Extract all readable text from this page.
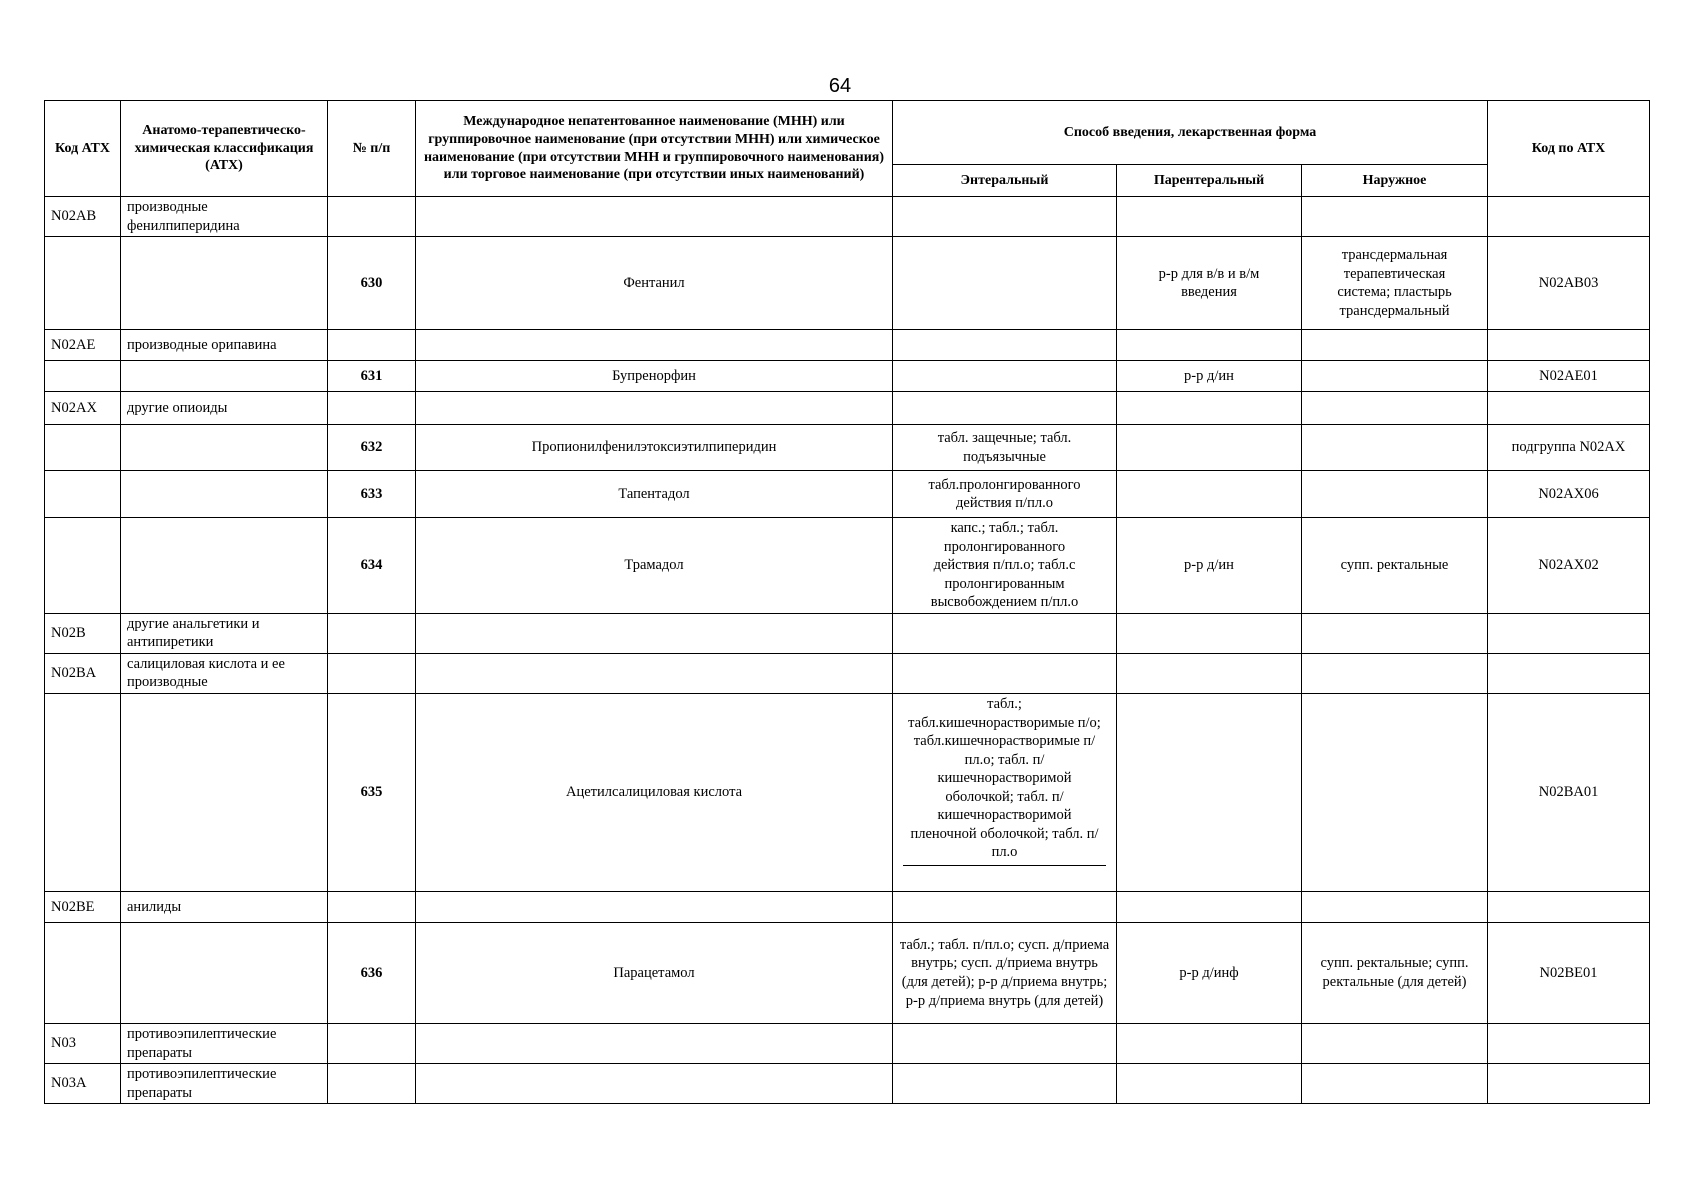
64
Код АТХ	Анатомо-терапевтическо-химическая классификация (АТХ)	№ п/п	Международное непатентованное наименование (МНН) или группировочное наименование (при отсутствии МНН) или химическое наименование (при отсутствии МНН и группировочного наименования) или торговое наименование (при отсутствии иных наименований)	Способ введения, лекарственная форма			Код по АТХ
				Энтеральный	Парентеральный	Наружное	
N02AB	производные фенилпиперидина						
		630	Фентанил		р-р для в/в и в/м введения	трансдермальная терапевтическая система; пластырь трансдермальный	N02AB03
N02AE	производные орипавина						
		631	Бупренорфин		р-р д/ин		N02AE01
N02AX	другие опиоиды						
		632	Пропионилфенилэтоксиэтилпиперидин	табл. защечные; табл. подъязычные			подгруппа N02AX
		633	Тапентадол	табл.пролонгированного действия п/пл.о			N02AX06
		634	Трамадол	капс.; табл.; табл. пролонгированного действия п/пл.о; табл.с пролонгированным высвобождением п/пл.о	р-р д/ин	супп. ректальные	N02AX02
N02B	другие анальгетики и антипиретики						
N02BA	салициловая кислота и ее производные						
		635	Ацетилсалициловая кислота	табл.; табл.кишечнорастворимые п/о; табл.кишечнорастворимые п/пл.о; табл. п/кишечнорастворимой оболочкой; табл. п/кишечнорастворимой пленочной оболочкой; табл. п/пл.о			N02BA01
N02BE	анилиды						
		636	Парацетамол	табл.; табл. п/пл.о; сусп. д/приема внутрь; сусп. д/приема внутрь (для детей); р-р д/приема внутрь; р-р д/приема внутрь (для детей)	р-р д/инф	супп. ректальные; супп. ректальные (для детей)	N02BE01
N03	противоэпилептические препараты						
N03A	противоэпилептические препараты						
